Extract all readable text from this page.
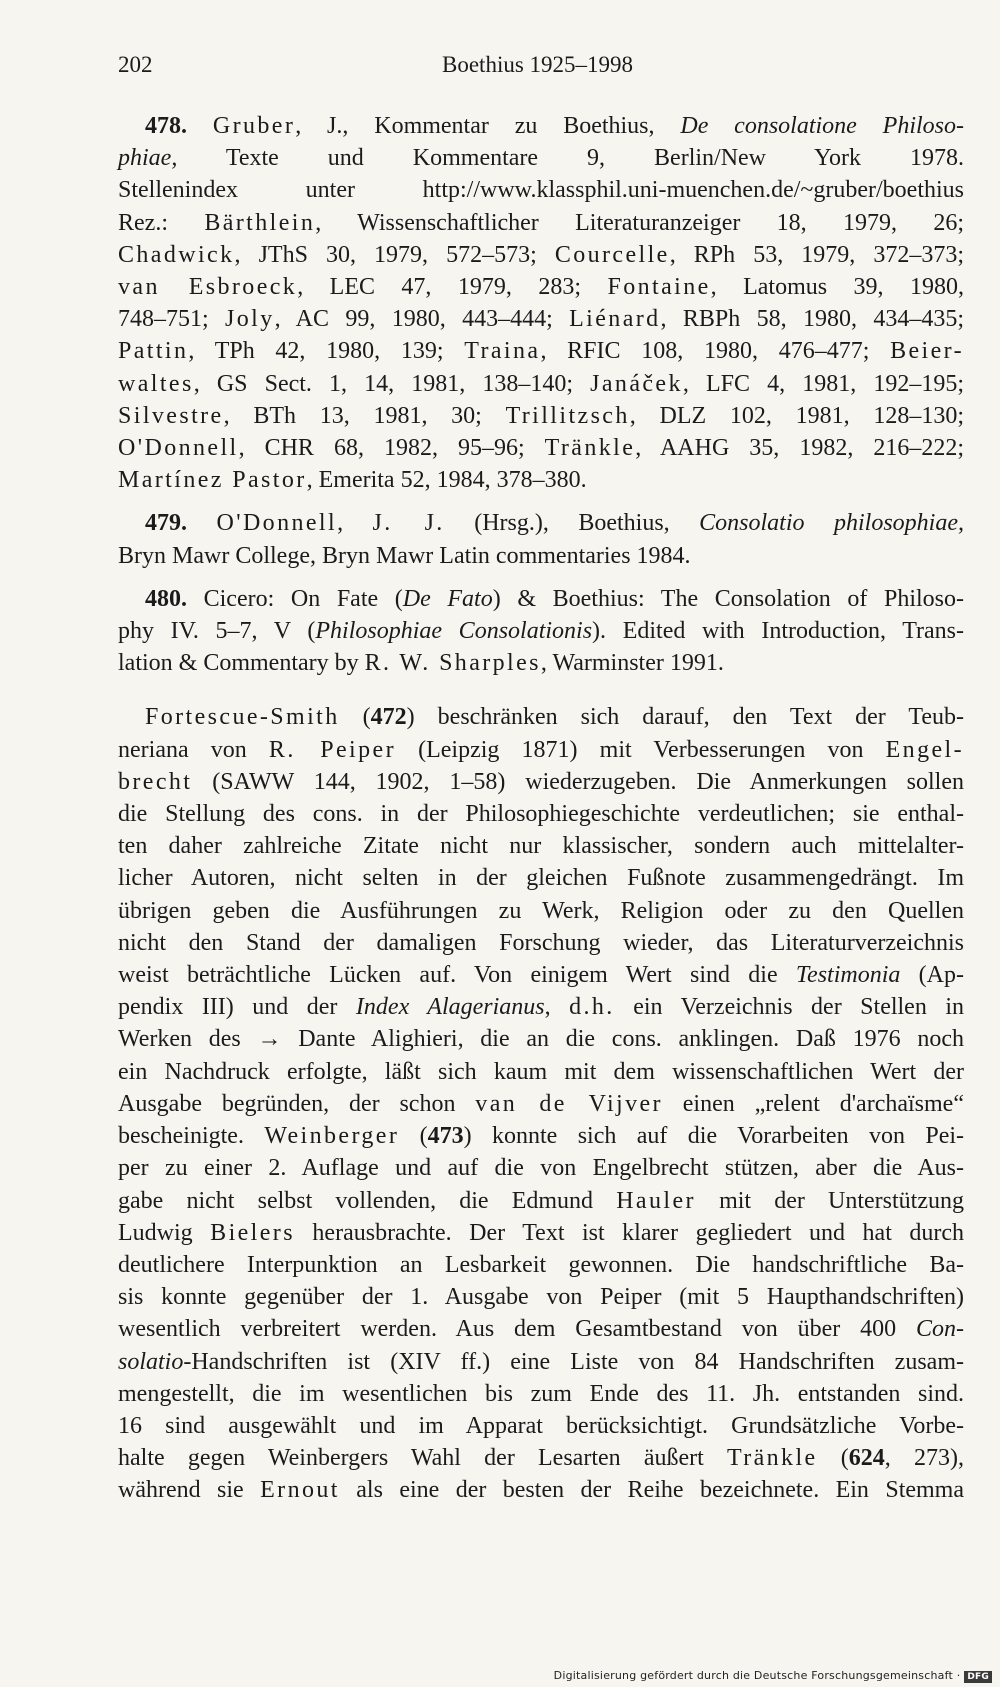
202	Boethius 1925–1998
478. Gruber, J., Kommentar zu Boethius, De consolatione Philoso-
phiae, Texte und Kommentare 9, Berlin/New York 1978.
Stellenindex unter http://www.klassphil.uni-muenchen.de/~gruber/boethius
Rez.: Bärthlein, Wissenschaftlicher Literaturanzeiger 18, 1979, 26;
Chadwick, JThS 30, 1979, 572–573; Courcelle, RPh 53, 1979, 372–373;
van Esbroeck, LEC 47, 1979, 283; Fontaine, Latomus 39, 1980,
748–751; Joly, AC 99, 1980, 443–444; Liénard, RBPh 58, 1980, 434–435;
Pattin, TPh 42, 1980, 139; Traina, RFIC 108, 1980, 476–477; Beier-
waltes, GS Sect. 1, 14, 1981, 138–140; Janáček, LFC 4, 1981, 192–195;
Silvestre, BTh 13, 1981, 30; Trillitzsch, DLZ 102, 1981, 128–130;
O'Donnell, CHR 68, 1982, 95–96; Tränkle, AAHG 35, 1982, 216–222;
Martínez Pastor, Emerita 52, 1984, 378–380.
479. O'Donnell, J. J. (Hrsg.), Boethius, Consolatio philosophiae,
Bryn Mawr College, Bryn Mawr Latin commentaries 1984.
480. Cicero: On Fate (De Fato) & Boethius: The Consolation of Philoso-
phy IV. 5–7, V (Philosophiae Consolationis). Edited with Introduction, Trans-
lation & Commentary by R. W. Sharples, Warminster 1991.
Fortescue-Smith (472) beschränken sich darauf, den Text der Teub-
neriana von R. Peiper (Leipzig 1871) mit Verbesserungen von Engel-
brecht (SAWW 144, 1902, 1–58) wiederzugeben. Die Anmerkungen sollen
die Stellung des cons. in der Philosophiegeschichte verdeutlichen; sie enthal-
ten daher zahlreiche Zitate nicht nur klassischer, sondern auch mittelalter-
licher Autoren, nicht selten in der gleichen Fußnote zusammengedrängt. Im
übrigen geben die Ausführungen zu Werk, Religion oder zu den Quellen
nicht den Stand der damaligen Forschung wieder, das Literaturverzeichnis
weist beträchtliche Lücken auf. Von einigem Wert sind die Testimonia (Ap-
pendix III) und der Index Alagerianus, d.h. ein Verzeichnis der Stellen in
Werken des → Dante Alighieri, die an die cons. anklingen. Daß 1976 noch
ein Nachdruck erfolgte, läßt sich kaum mit dem wissenschaftlichen Wert der
Ausgabe begründen, der schon van de Vijver einen „relent d'archaïsme“
bescheinigte. Weinberger (473) konnte sich auf die Vorarbeiten von Pei-
per zu einer 2. Auflage und auf die von Engelbrecht stützen, aber die Aus-
gabe nicht selbst vollenden, die Edmund Hauler mit der Unterstützung
Ludwig Bielers herausbrachte. Der Text ist klarer gegliedert und hat durch
deutlichere Interpunktion an Lesbarkeit gewonnen. Die handschriftliche Ba-
sis konnte gegenüber der 1. Ausgabe von Peiper (mit 5 Haupthandschriften)
wesentlich verbreitert werden. Aus dem Gesamtbestand von über 400 Con-
solatio-Handschriften ist (XIV ff.) eine Liste von 84 Handschriften zusam-
mengestellt, die im wesentlichen bis zum Ende des 11. Jh. entstanden sind.
16 sind ausgewählt und im Apparat berücksichtigt. Grundsätzliche Vorbe-
halte gegen Weinbergers Wahl der Lesarten äußert Tränkle (624, 273),
während sie Ernout als eine der besten der Reihe bezeichnete. Ein Stemma
Digitalisierung gefördert durch die Deutsche Forschungsgemeinschaft · DFG
